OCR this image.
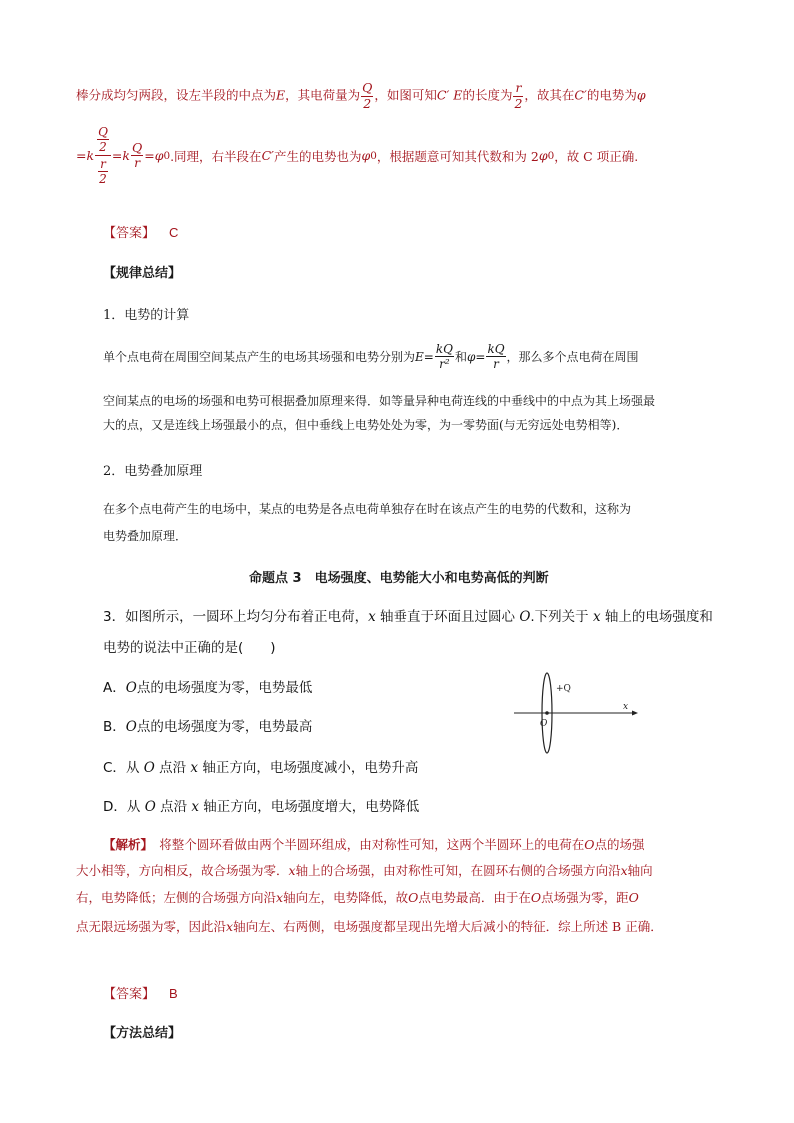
棒分成均匀两段，设左半段的中点为E，其电荷量为 $\frac{Q}{2}$ ，如图可知C′ E的长度为 $\frac{r}{2}$ ，故其在C′的电势为φ
$=k \frac{\frac{Q}{2}}{\frac{r}{2}} =k \frac{Q}{r} =\varphi$ 0 .同理，右半段在 C′ 产生的电势也为 φ 0 ，根据题意可知其代数和为 2 φ 0 ，故 C 项正确.
【答案】 C
【规律总结】
1．电势的计算
单个点电荷在周围空间某点产生的电场其场强和电势分别为 $E = \frac{kQ}{\text{r²}}$ 和 $\varphi = \frac{kQ}{r}$ ，那么多个点电荷在周围
空间某点的电场的场强和电势可根据叠加原理来得．如等量异种电荷连线的中垂线中的中点为其上场强最
大的点，又是连线上场强最小的点，但中垂线上电势处处为零，为一零势面(与无穷远处电势相等)．
2．电势叠加原理
在多个点电荷产生的电场中，某点的电势是各点电荷单独存在时在该点产生的电势的代数和，这称为
电势叠加原理．
命题点 3　电场强度、电势能大小和电势高低的判断
3．如图所示，一圆环上均匀分布着正电荷，x 轴垂直于环面且过圆心 O.下列关于 x 轴上的电场强度和
电势的说法中正确的是(　　)
A．O点的电场强度为零，电势最低
B．O点的电场强度为零，电势最高
C．从 O 点沿 x 轴正方向，电场强度减小，电势升高
D．从 O 点沿 x 轴正方向，电场强度增大，电势降低
+Q
O
x
【解析】　将整个圆环看做由两个半圆环组成，由对称性可知，这两个半圆环上的电荷在O点的场强
大小相等，方向相反，故合场强为零．x轴上的合场强，由对称性可知，在圆环右侧的合场强方向沿x轴向
右，电势降低；左侧的合场强方向沿x轴向左，电势降低，故O点电势最高．由于在O点场强为零，距O
点无限远场强为零，因此沿x轴向左、右两侧，电场强度都呈现出先增大后减小的特征．综上所述 B 正确．
【答案】 B
【方法总结】
